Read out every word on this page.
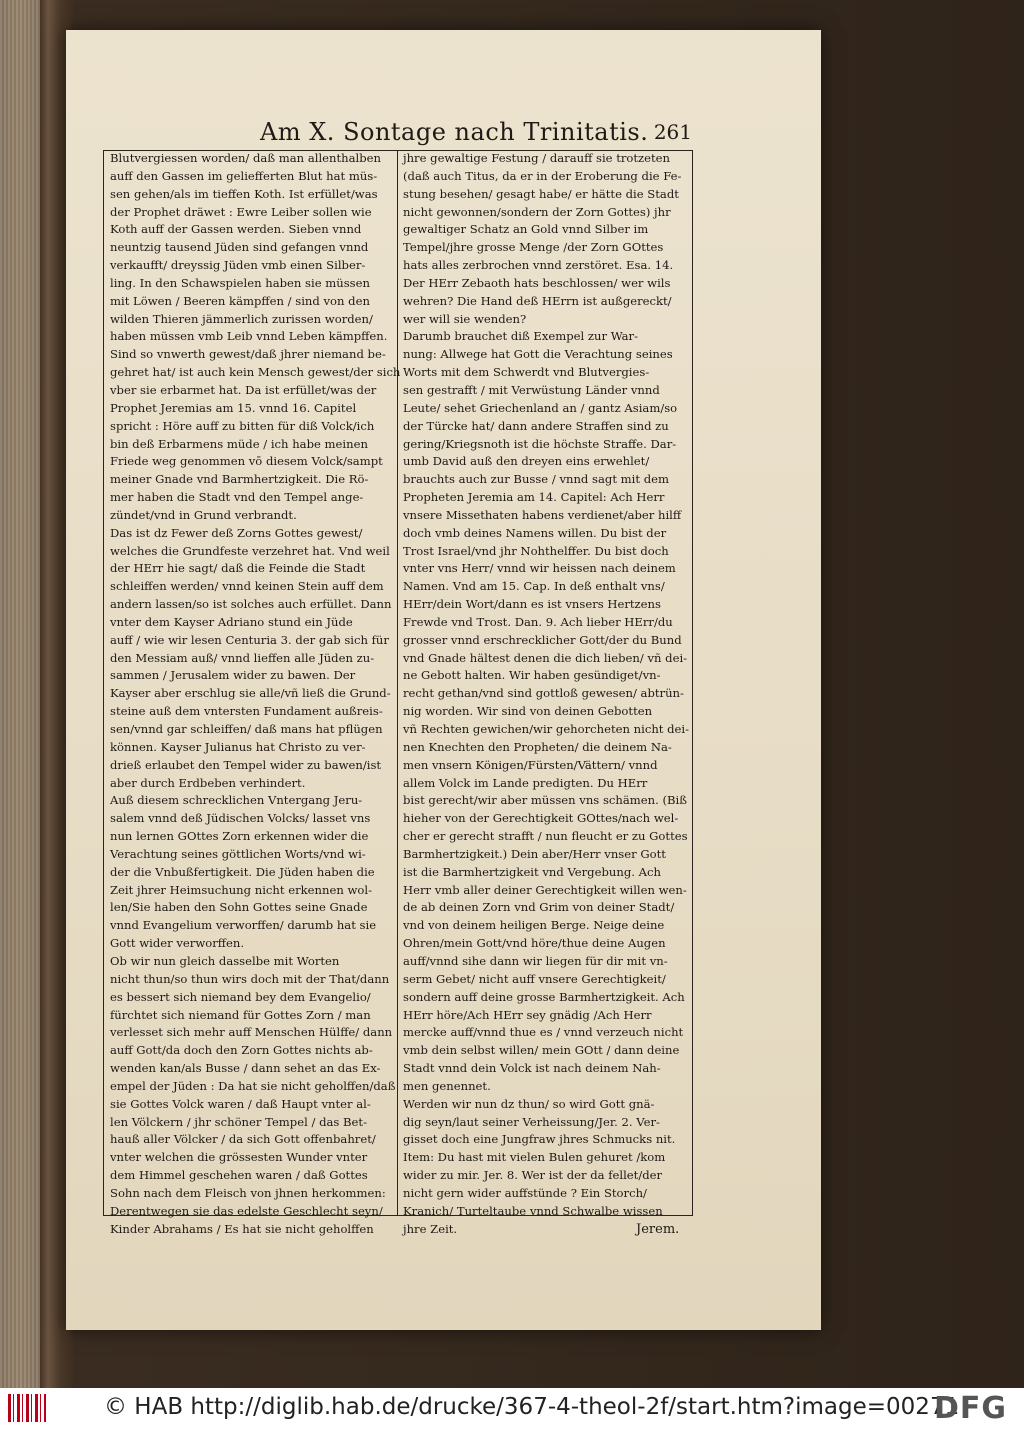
Am X. Sontage nach Trinitatis. 261
Blutvergiessen worden/ daß man allenthalben
auff den Gassen im geliefferten Blut hat müs-
sen gehen/als im tieffen Koth. Ist erfüllet/was
der Prophet dräwet : Ewre Leiber sollen wie
Koth auff der Gassen werden. Sieben vnnd
neuntzig tausend Jüden sind gefangen vnnd
verkaufft/ dreyssig Jüden vmb einen Silber-
ling. In den Schawspielen haben sie müssen
mit Löwen / Beeren kämpffen / sind von den
wilden Thieren jämmerlich zurissen worden/
haben müssen vmb Leib vnnd Leben kämpffen.
Sind so vnwerth gewest/daß jhrer niemand be-
gehret hat/ ist auch kein Mensch gewest/der sich
vber sie erbarmet hat. Da ist erfüllet/was der
Prophet Jeremias am 15. vnnd 16. Capitel
spricht : Höre auff zu bitten für diß Volck/ich
bin deß Erbarmens müde / ich habe meinen
Friede weg genommen vō diesem Volck/sampt
meiner Gnade vnd Barmhertzigkeit. Die Rö-
mer haben die Stadt vnd den Tempel ange-
zündet/vnd in Grund verbrandt.
Das ist dz Fewer deß Zorns Gottes gewest/
welches die Grundfeste verzehret hat. Vnd weil
der HErr hie sagt/ daß die Feinde die Stadt
schleiffen werden/ vnnd keinen Stein auff dem
andern lassen/so ist solches auch erfüllet. Dann
vnter dem Kayser Adriano stund ein Jüde
auff / wie wir lesen Centuria 3. der gab sich für
den Messiam auß/ vnnd lieffen alle Jüden zu-
sammen / Jerusalem wider zu bawen. Der
Kayser aber erschlug sie alle/vñ ließ die Grund-
steine auß dem vntersten Fundament außreis-
sen/vnnd gar schleiffen/ daß mans hat pflügen
können. Kayser Julianus hat Christo zu ver-
drieß erlaubet den Tempel wider zu bawen/ist
aber durch Erdbeben verhindert.
Auß diesem schrecklichen Vntergang Jeru-
salem vnnd deß Jüdischen Volcks/ lasset vns
nun lernen GOttes Zorn erkennen wider die
Verachtung seines göttlichen Worts/vnd wi-
der die Vnbußfertigkeit. Die Jüden haben die
Zeit jhrer Heimsuchung nicht erkennen wol-
len/Sie haben den Sohn Gottes seine Gnade
vnnd Evangelium verworffen/ darumb hat sie
Gott wider verworffen.
Ob wir nun gleich dasselbe mit Worten
nicht thun/so thun wirs doch mit der That/dann
es bessert sich niemand bey dem Evangelio/
fürchtet sich niemand für Gottes Zorn / man
verlesset sich mehr auff Menschen Hülffe/ dann
auff Gott/da doch den Zorn Gottes nichts ab-
wenden kan/als Busse / dann sehet an das Ex-
empel der Jüden : Da hat sie nicht geholffen/daß
sie Gottes Volck waren / daß Haupt vnter al-
len Völckern / jhr schöner Tempel / das Bet-
hauß aller Völcker / da sich Gott offenbahret/
vnter welchen die grössesten Wunder vnter
dem Himmel geschehen waren / daß Gottes
Sohn nach dem Fleisch von jhnen herkommen:
Derentwegen sie das edelste Geschlecht seyn/
Kinder Abrahams / Es hat sie nicht geholffen
jhre gewaltige Festung / darauff sie trotzeten
(daß auch Titus, da er in der Eroberung die Fe-
stung besehen/ gesagt habe/ er hätte die Stadt
nicht gewonnen/sondern der Zorn Gottes) jhr
gewaltiger Schatz an Gold vnnd Silber im
Tempel/jhre grosse Menge /der Zorn GOttes
hats alles zerbrochen vnnd zerstöret. Esa. 14.
Der HErr Zebaoth hats beschlossen/ wer wils
wehren? Die Hand deß HErrn ist außgereckt/
wer will sie wenden?
Darumb brauchet diß Exempel zur War-
nung: Allwege hat Gott die Verachtung seines
Worts mit dem Schwerdt vnd Blutvergies-
sen gestrafft / mit Verwüstung Länder vnnd
Leute/ sehet Griechenland an / gantz Asiam/so
der Türcke hat/ dann andere Straffen sind zu
gering/Kriegsnoth ist die höchste Straffe. Dar-
umb David auß den dreyen eins erwehlet/
brauchts auch zur Busse / vnnd sagt mit dem
Propheten Jeremia am 14. Capitel: Ach Herr
vnsere Missethaten habens verdienet/aber hilff
doch vmb deines Namens willen. Du bist der
Trost Israel/vnd jhr Nohthelffer. Du bist doch
vnter vns Herr/ vnnd wir heissen nach deinem
Namen. Vnd am 15. Cap. In deß enthalt vns/
HErr/dein Wort/dann es ist vnsers Hertzens
Frewde vnd Trost. Dan. 9. Ach lieber HErr/du
grosser vnnd erschrecklicher Gott/der du Bund
vnd Gnade hältest denen die dich lieben/ vñ dei-
ne Gebott halten. Wir haben gesündiget/vn-
recht gethan/vnd sind gottloß gewesen/ abtrün-
nig worden. Wir sind von deinen Gebotten
vñ Rechten gewichen/wir gehorcheten nicht dei-
nen Knechten den Propheten/ die deinem Na-
men vnsern Königen/Fürsten/Vättern/ vnnd
allem Volck im Lande predigten. Du HErr
bist gerecht/wir aber müssen vns schämen. (Biß
hieher von der Gerechtigkeit GOttes/nach wel-
cher er gerecht strafft / nun fleucht er zu Gottes
Barmhertzigkeit.) Dein aber/Herr vnser Gott
ist die Barmhertzigkeit vnd Vergebung. Ach
Herr vmb aller deiner Gerechtigkeit willen wen-
de ab deinen Zorn vnd Grim von deiner Stadt/
vnd von deinem heiligen Berge. Neige deine
Ohren/mein Gott/vnd höre/thue deine Augen
auff/vnnd sihe dann wir liegen für dir mit vn-
serm Gebet/ nicht auff vnsere Gerechtigkeit/
sondern auff deine grosse Barmhertzigkeit. Ach
HErr höre/Ach HErr sey gnädig /Ach Herr
mercke auff/vnnd thue es / vnnd verzeuch nicht
vmb dein selbst willen/ mein GOtt / dann deine
Stadt vnnd dein Volck ist nach deinem Nah-
men genennet.
Werden wir nun dz thun/ so wird Gott gnä-
dig seyn/laut seiner Verheissung/Jer. 2. Ver-
gisset doch eine Jungfraw jhres Schmucks nit.
Item: Du hast mit vielen Bulen gehuret /kom
wider zu mir. Jer. 8. Wer ist der da fellet/der
nicht gern wider auffstünde ? Ein Storch/
Kranich/ Turteltaube vnnd Schwalbe wissen
jhre Zeit.	Jerem.
© HAB http://diglib.hab.de/drucke/367-4-theol-2f/start.htm?image=00271
DFG
